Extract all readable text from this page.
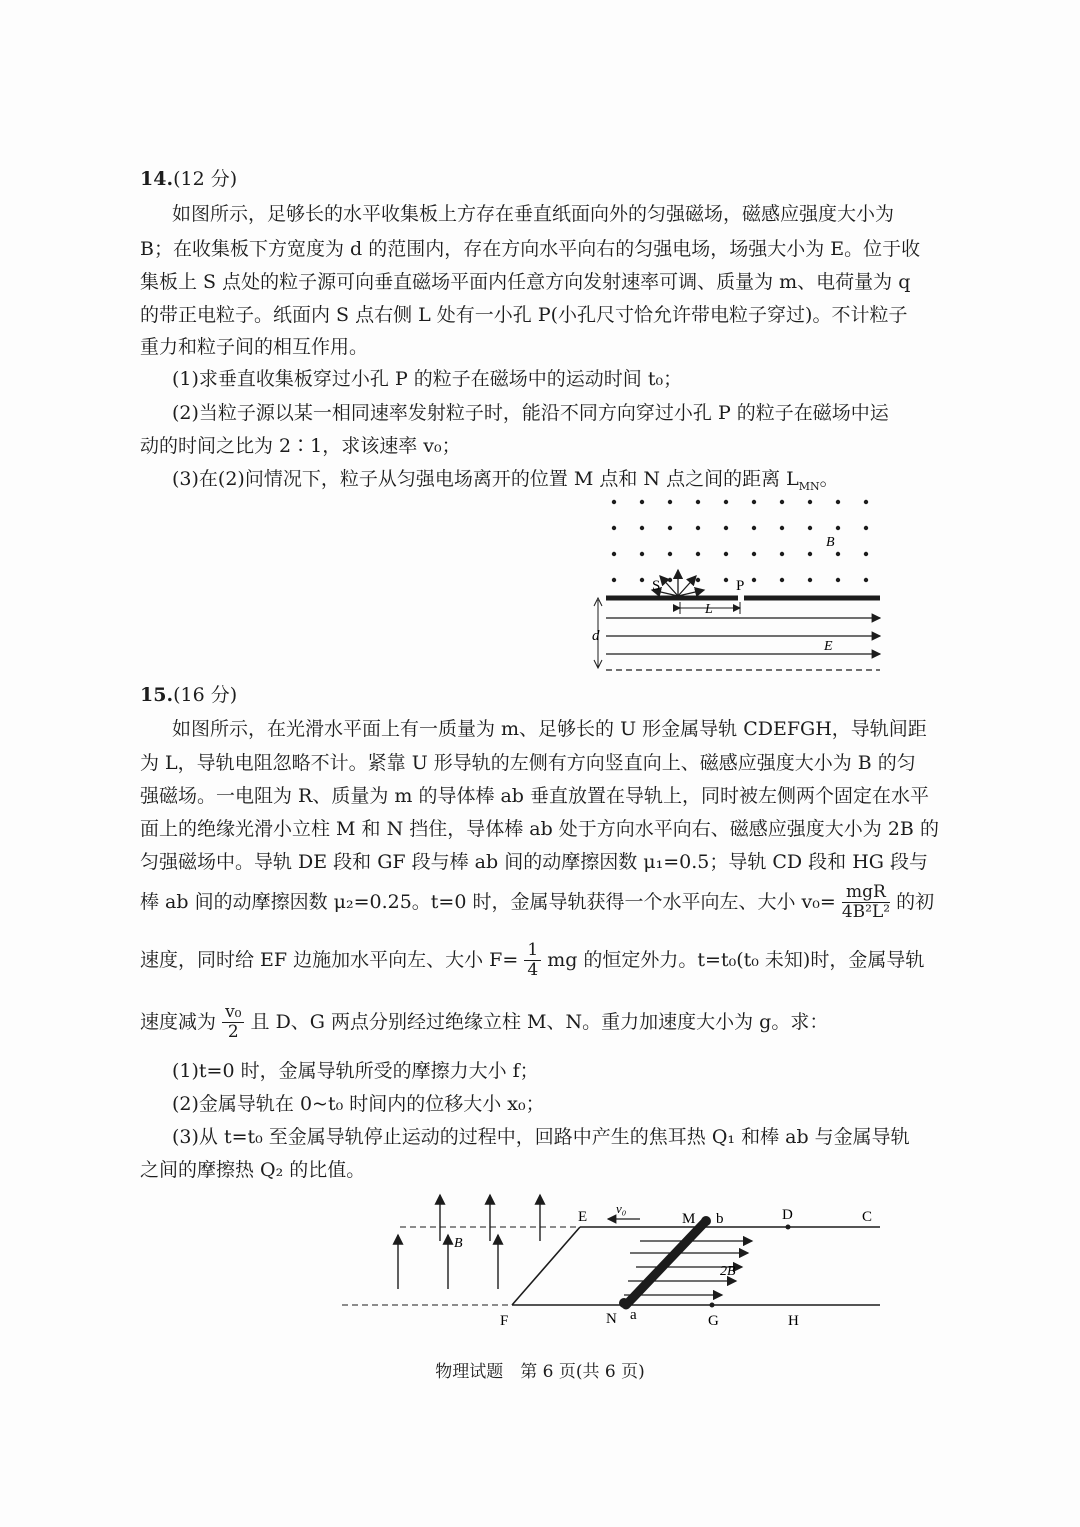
14.(12 分)
如图所示，足够长的水平收集板上方存在垂直纸面向外的匀强磁场，磁感应强度大小为
B；在收集板下方宽度为 d 的范围内，存在方向水平向右的匀强电场，场强大小为 E。位于收
集板上 S 点处的粒子源可向垂直磁场平面内任意方向发射速率可调、质量为 m、电荷量为 q
的带正电粒子。纸面内 S 点右侧 L 处有一小孔 P(小孔尺寸恰允许带电粒子穿过)。不计粒子
重力和粒子间的相互作用。
(1)求垂直收集板穿过小孔 P 的粒子在磁场中的运动时间 t₀；
(2)当粒子源以某一相同速率发射粒子时，能沿不同方向穿过小孔 P 的粒子在磁场中运
动的时间之比为 2∶1，求该速率 v₀；
(3)在(2)问情况下，粒子从匀强电场离开的位置 M 点和 N 点之间的距离 $L_{MN}$。
B
S	P
L
d
E
15.(16 分)
如图所示，在光滑水平面上有一质量为 m、足够长的 U 形金属导轨 CDEFGH，导轨间距
为 L，导轨电阻忽略不计。紧靠 U 形导轨的左侧有方向竖直向上、磁感应强度大小为 B 的匀
强磁场。一电阻为 R、质量为 m 的导体棒 ab 垂直放置在导轨上，同时被左侧两个固定在水平
面上的绝缘光滑小立柱 M 和 N 挡住，导体棒 ab 处于方向水平向右、磁感应强度大小为 2B 的
匀强磁场中。导轨 DE 段和 GF 段与棒 ab 间的动摩擦因数 μ₁=0.5；导轨 CD 段和 HG 段与
棒 ab 间的动摩擦因数 μ₂=0.25。t=0 时，金属导轨获得一个水平向左、大小 $v_0= \frac{\text{mgR}}{\text{4B²L²}}$ 的初
速度，同时给 EF 边施加水平向左、大小 $F= \frac{1}{4}$ mg 的恒定外力。t=t₀(t₀ 未知)时，金属导轨
速度减为 $\frac{\text{v₀}}{2}$ 且 D、G 两点分别经过绝缘立柱 M、N。重力加速度大小为 g。求：
(1)t=0 时，金属导轨所受的摩擦力大小 f；
(2)金属导轨在 0~t₀ 时间内的位移大小 x₀；
(3)从 t=t₀ 至金属导轨停止运动的过程中，回路中产生的焦耳热 Q₁ 和棒 ab 与金属导轨
之间的摩擦热 Q₂ 的比值。
B
2B
v₀
E	M b	D	C
F	N a	G	H
物理试题　第 6 页(共 6 页)
